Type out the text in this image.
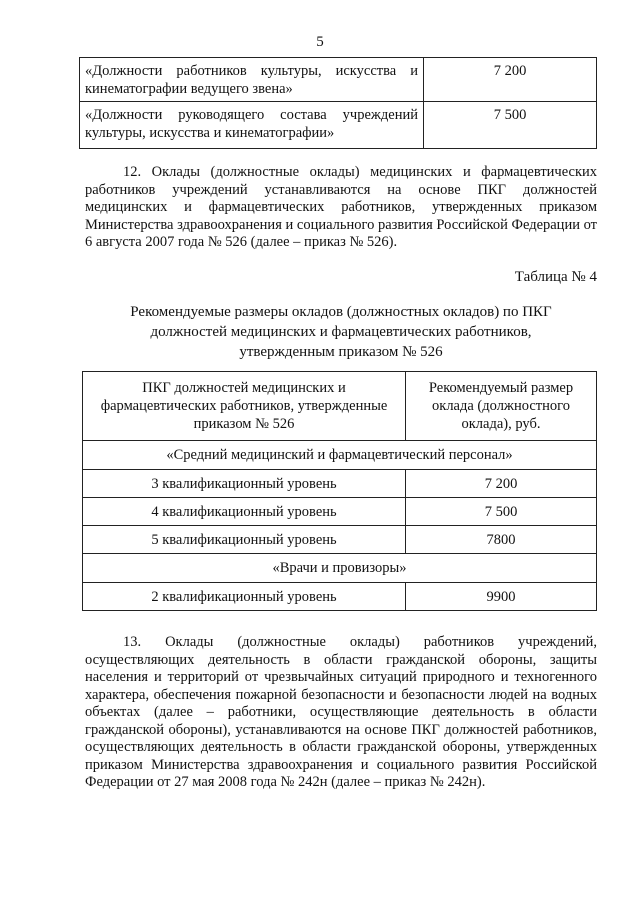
5
«Должности работников культуры, искусства и кинематографии ведущего звена»	7 200
«Должности руководящего состава учреждений культуры, искусства и кинематографии»	7 500
12. Оклады (должностные оклады) медицинских и фармацевтических работников учреждений устанавливаются на основе ПКГ должностей медицинских и фармацевтических работников, утвержденных приказом Министерства здравоохранения и социального развития Российской Федерации от 6 августа 2007 года № 526 (далее – приказ № 526).
Таблица № 4
Рекомендуемые размеры окладов (должностных окладов) по ПКГ
должностей медицинских и фармацевтических работников,
утвержденным приказом № 526
ПКГ должностей медицинских и фармацевтических работников, утвержденные приказом № 526	Рекомендуемый размер оклада (должностного оклада), руб.
«Средний медицинский и фармацевтический персонал»	
3 квалификационный уровень	7 200
4 квалификационный уровень	7 500
5 квалификационный уровень	7800
«Врачи и провизоры»	
2 квалификационный уровень	9900
13. Оклады (должностные оклады) работников учреждений, осуществляющих деятельность в области гражданской обороны, защиты населения и территорий от чрезвычайных ситуаций природного и техногенного характера, обеспечения пожарной безопасности и безопасности людей на водных объектах (далее – работники, осуществляющие деятельность в области гражданской обороны), устанавливаются на основе ПКГ должностей работников, осуществляющих деятельность в области гражданской обороны, утвержденных приказом Министерства здравоохранения и социального развития Российской Федерации от 27 мая 2008 года № 242н (далее – приказ № 242н).
